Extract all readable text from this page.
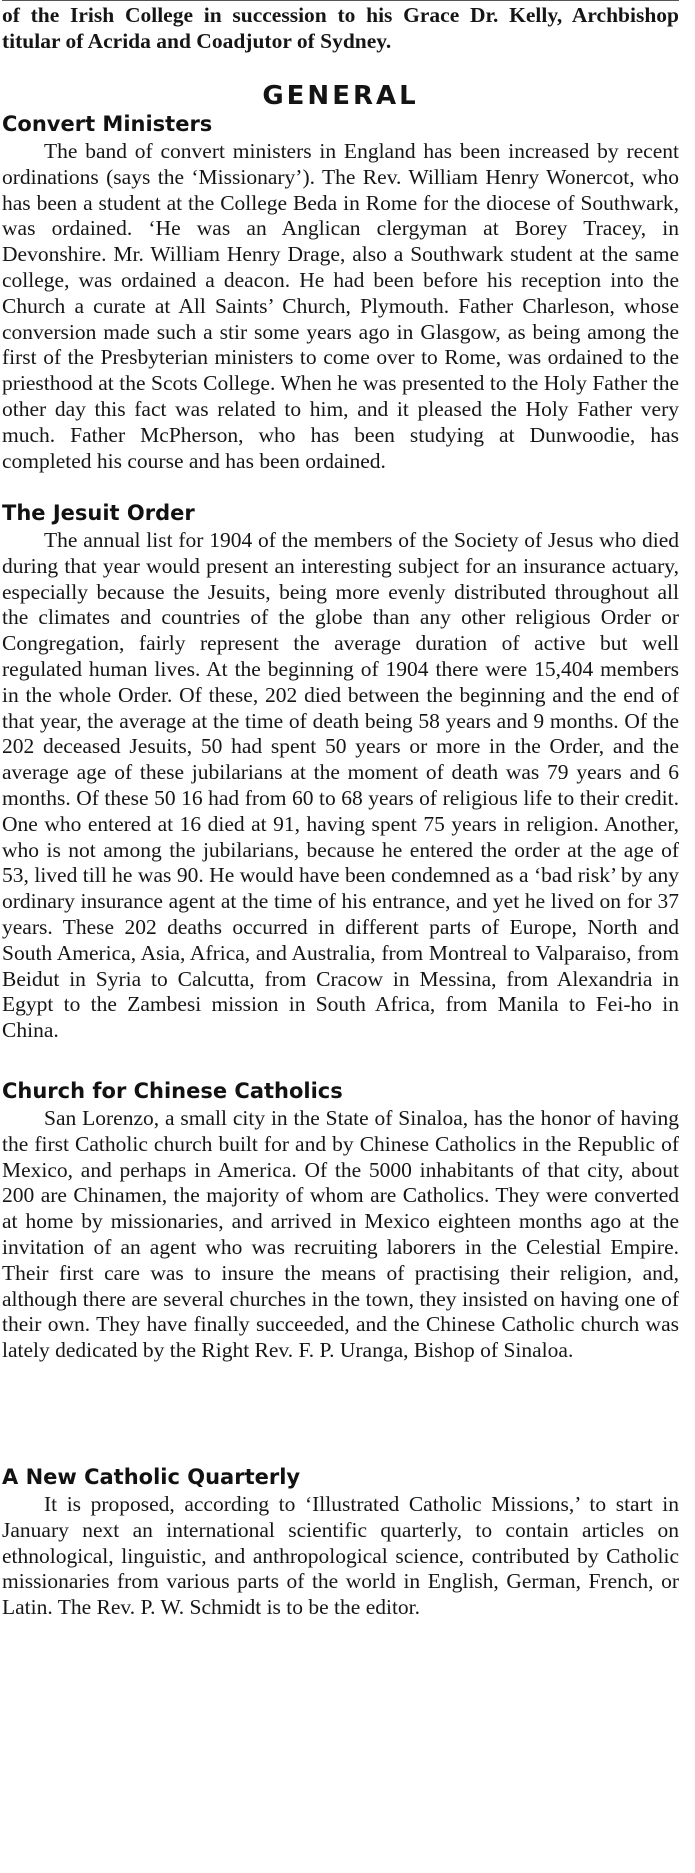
of the Irish College in succession to his Grace Dr. Kelly, Archbishop titular of Acrida and Coadjutor of Sydney.

GENERAL
Convert Ministers

The band of convert ministers in England has been increased by recent ordinations (says the ‘Missionary’). The Rev. William Henry Wonercot, who has been a student at the College Beda in Rome for the diocese of Southwark, was ordained. ‘He was an Anglican clergyman at Borey Tracey, in Devonshire. Mr. William Henry Drage, also a Southwark student at the same college, was ordained a deacon. He had been before his reception into the Church a curate at All Saints’ Church, Plymouth. Father Charleson, whose conversion made such a stir some years ago in Glasgow, as being among the first of the Presbyterian ministers to come over to Rome, was ordained to the priesthood at the Scots College. When he was presented to the Holy Father the other day this fact was related to him, and it pleased the Holy Father very much. Father McPherson, who has been studying at Dunwoodie, has completed his course and has been ordained.

The Jesuit Order

The annual list for 1904 of the members of the Society of Jesus who died during that year would present an interesting subject for an insurance actuary, especially because the Jesuits, being more evenly distributed throughout all the climates and countries of the globe than any other religious Order or Congregation, fairly represent the average duration of active but well regulated human lives. At the beginning of 1904 there were 15,404 members in the whole Order. Of these, 202 died between the beginning and the end of that year, the average at the time of death being 58 years and 9 months. Of the 202 deceased Jesuits, 50 had spent 50 years or more in the Order, and the average age of these jubilarians at the moment of death was 79 years and 6 months. Of these 50 16 had from 60 to 68 years of religious life to their credit. One who entered at 16 died at 91, having spent 75 years in religion. Another, who is not among the jubilarians, because he entered the order at the age of 53, lived till he was 90. He would have been condemned as a ‘bad risk’ by any ordinary insurance agent at the time of his entrance, and yet he lived on for 37 years. These 202 deaths occurred in different parts of Europe, North and South America, Asia, Africa, and Australia, from Montreal to Valparaiso, from Beidut in Syria to Calcutta, from Cracow in Messina, from Alexandria in Egypt to the Zambesi mission in South Africa, from Manila to Fei-ho in China.

Church for Chinese Catholics

San Lorenzo, a small city in the State of Sinaloa, has the honor of having the first Catholic church built for and by Chinese Catholics in the Republic of Mexico, and perhaps in America. Of the 5000 inhabitants of that city, about 200 are Chinamen, the majority of whom are Catholics. They were converted at home by missionaries, and arrived in Mexico eighteen months ago at the invitation of an agent who was recruiting laborers in the Celestial Empire. Their first care was to insure the means of practising their religion, and, although there are several churches in the town, they insisted on having one of their own. They have finally succeeded, and the Chinese Catholic church was lately dedicated by the Right Rev. F. P. Uranga, Bishop of Sinaloa.

A New Catholic Quarterly

It is proposed, according to ‘Illustrated Catholic Missions,’ to start in January next an international scientific quarterly, to contain articles on ethnological, linguistic, and anthropological science, contributed by Catholic missionaries from various parts of the world in English, German, French, or Latin. The Rev. P. W. Schmidt is to be the editor.
